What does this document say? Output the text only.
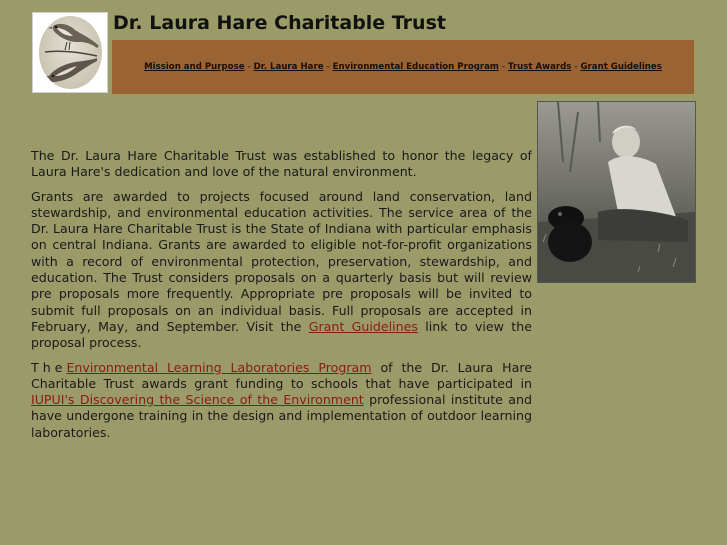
Dr. Laura Hare Charitable Trust
Mission and Purpose - Dr. Laura Hare - Environmental Education Program - Trust Awards - Grant Guidelines

The Dr. Laura Hare Charitable Trust was established to honor the legacy of Laura Hare's dedication and love of the natural environment.

Grants are awarded to projects focused around land conservation, land stewardship, and environmental education activities. The service area of the Dr. Laura Hare Charitable Trust is the State of Indiana with particular emphasis on central Indiana. Grants are awarded to eligible not-for-profit organizations with a record of environmental protection, preservation, stewardship, and education. The Trust considers proposals on a quarterly basis but will review pre proposals more frequently. Appropriate pre proposals will be invited to submit full proposals on an individual basis. Full proposals are accepted in February, May, and September. Visit the Grant Guidelines link to view the proposal process.

TheEnvironmental Learning Laboratories Program of the Dr. Laura Hare Charitable Trust awards grant funding to schools that have participated in IUPUI's Discovering the Science of the Environment professional institute and have undergone training in the design and implementation of outdoor learning laboratories.
